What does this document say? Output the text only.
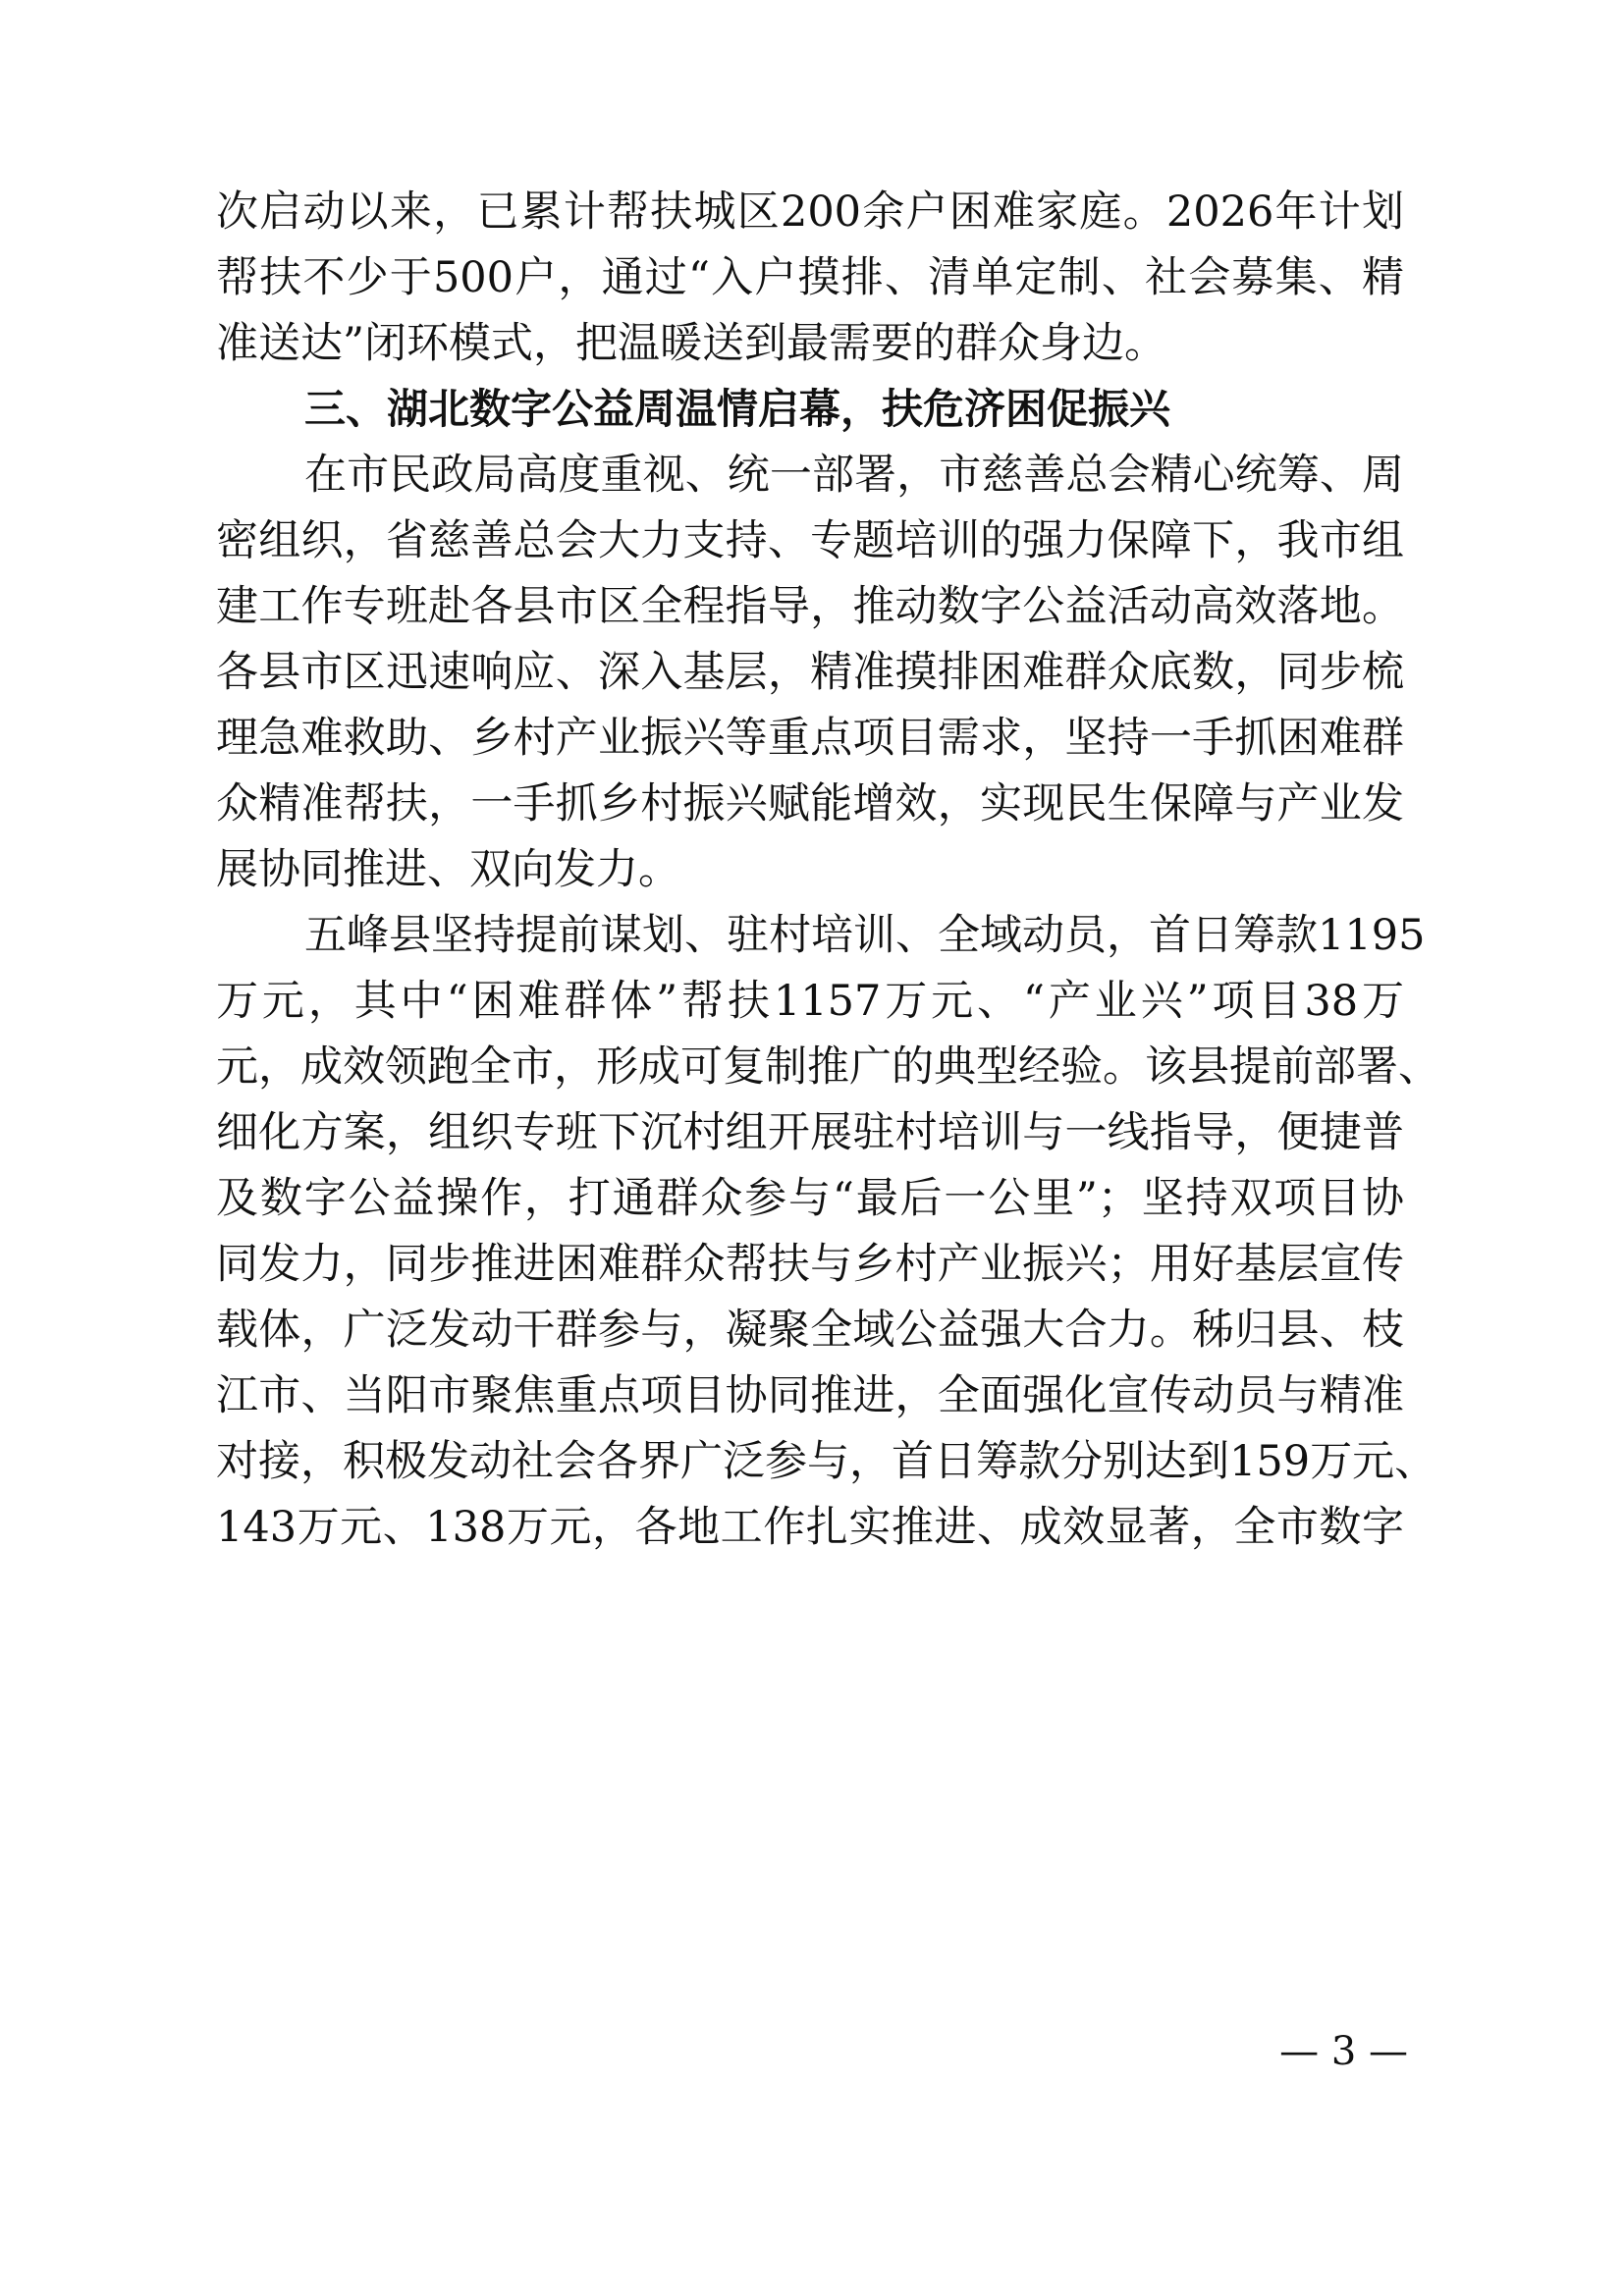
次启动以来，已累计帮扶城区200余户困难家庭。2026年计划
帮扶不少于500户，通过“入户摸排、清单定制、社会募集、精
准送达”闭环模式，把温暖送到最需要的群众身边。
三、湖北数字公益周温情启幕，扶危济困促振兴
在市民政局高度重视、统一部署，市慈善总会精心统筹、周
密组织，省慈善总会大力支持、专题培训的强力保障下，我市组
建工作专班赴各县市区全程指导，推动数字公益活动高效落地。
各县市区迅速响应、深入基层，精准摸排困难群众底数，同步梳
理急难救助、乡村产业振兴等重点项目需求，坚持一手抓困难群
众精准帮扶，一手抓乡村振兴赋能增效，实现民生保障与产业发
展协同推进、双向发力。
五峰县坚持提前谋划、驻村培训、全域动员，首日筹款1195
万元，其中“困难群体”帮扶1157万元、“产业兴”项目38万
元，成效领跑全市，形成可复制推广的典型经验。该县提前部署、
细化方案，组织专班下沉村组开展驻村培训与一线指导，便捷普
及数字公益操作，打通群众参与“最后一公里”；坚持双项目协
同发力，同步推进困难群众帮扶与乡村产业振兴；用好基层宣传
载体，广泛发动干群参与，凝聚全域公益强大合力。秭归县、枝
江市、当阳市聚焦重点项目协同推进，全面强化宣传动员与精准
对接，积极发动社会各界广泛参与，首日筹款分别达到159万元、
143万元、138万元，各地工作扎实推进、成效显著，全市数字
— 3 —
